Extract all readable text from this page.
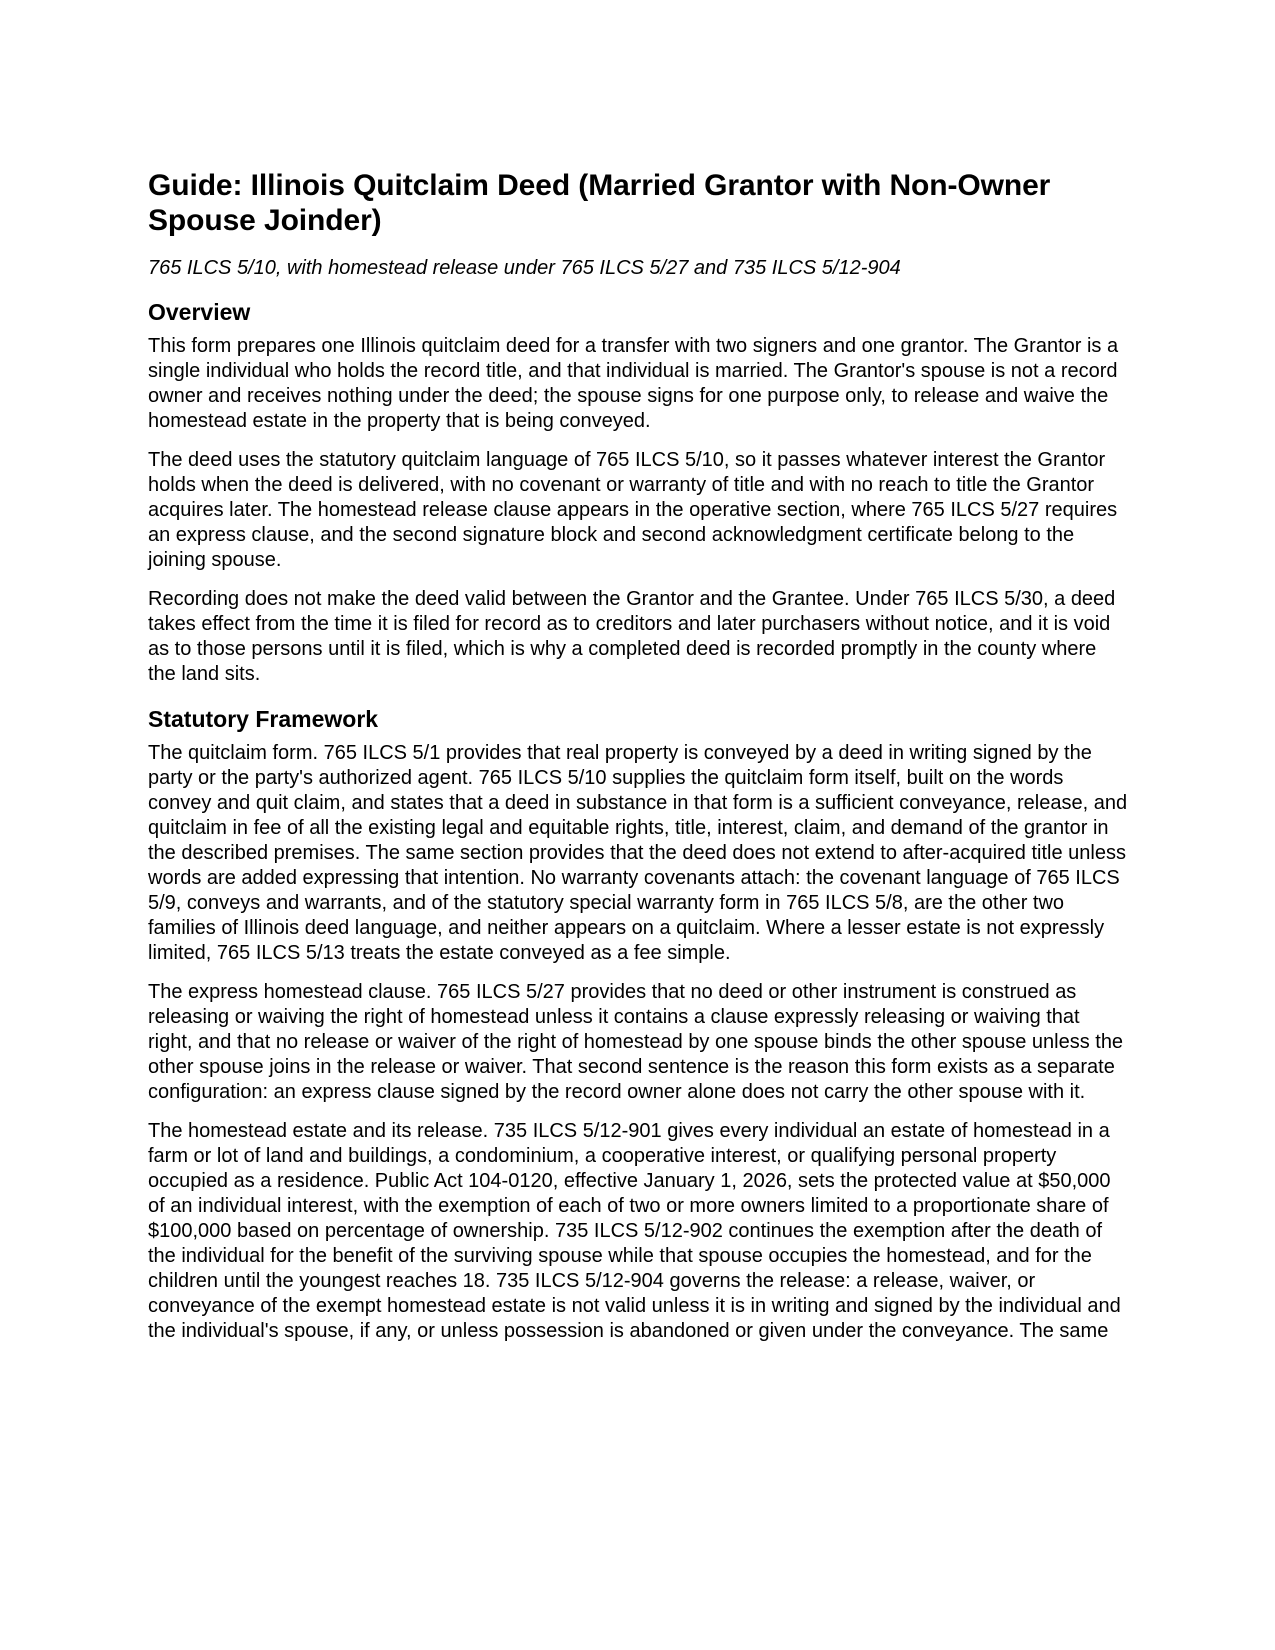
Guide: Illinois Quitclaim Deed (Married Grantor with Non-Owner Spouse Joinder)
765 ILCS 5/10, with homestead release under 765 ILCS 5/27 and 735 ILCS 5/12-904
Overview

This form prepares one Illinois quitclaim deed for a transfer with two signers and one grantor. The Grantor is a single individual who holds the record title, and that individual is married. The Grantor's spouse is not a record owner and receives nothing under the deed; the spouse signs for one purpose only, to release and waive the homestead estate in the property that is being conveyed.

The deed uses the statutory quitclaim language of 765 ILCS 5/10, so it passes whatever interest the Grantor holds when the deed is delivered, with no covenant or warranty of title and with no reach to title the Grantor acquires later. The homestead release clause appears in the operative section, where 765 ILCS 5/27 requires an express clause, and the second signature block and second acknowledgment certificate belong to the joining spouse.

Recording does not make the deed valid between the Grantor and the Grantee. Under 765 ILCS 5/30, a deed takes effect from the time it is filed for record as to creditors and later purchasers without notice, and it is void as to those persons until it is filed, which is why a completed deed is recorded promptly in the county where the land sits.

Statutory Framework

The quitclaim form. 765 ILCS 5/1 provides that real property is conveyed by a deed in writing signed by the party or the party's authorized agent. 765 ILCS 5/10 supplies the quitclaim form itself, built on the words convey and quit claim, and states that a deed in substance in that form is a sufficient conveyance, release, and quitclaim in fee of all the existing legal and equitable rights, title, interest, claim, and demand of the grantor in the described premises. The same section provides that the deed does not extend to after-acquired title unless words are added expressing that intention. No warranty covenants attach: the covenant language of 765 ILCS 5/9, conveys and warrants, and of the statutory special warranty form in 765 ILCS 5/8, are the other two families of Illinois deed language, and neither appears on a quitclaim. Where a lesser estate is not expressly limited, 765 ILCS 5/13 treats the estate conveyed as a fee simple.

The express homestead clause. 765 ILCS 5/27 provides that no deed or other instrument is construed as releasing or waiving the right of homestead unless it contains a clause expressly releasing or waiving that right, and that no release or waiver of the right of homestead by one spouse binds the other spouse unless the other spouse joins in the release or waiver. That second sentence is the reason this form exists as a separate configuration: an express clause signed by the record owner alone does not carry the other spouse with it.

The homestead estate and its release. 735 ILCS 5/12-901 gives every individual an estate of homestead in a farm or lot of land and buildings, a condominium, a cooperative interest, or qualifying personal property occupied as a residence. Public Act 104-0120, effective January 1, 2026, sets the protected value at $50,000 of an individual interest, with the exemption of each of two or more owners limited to a proportionate share of $100,000 based on percentage of ownership. 735 ILCS 5/12-902 continues the exemption after the death of the individual for the benefit of the surviving spouse while that spouse occupies the homestead, and for the children until the youngest reaches 18. 735 ILCS 5/12-904 governs the release: a release, waiver, or conveyance of the exempt homestead estate is not valid unless it is in writing and signed by the individual and the individual's spouse, if any, or unless possession is abandoned or given under the conveyance. The same
